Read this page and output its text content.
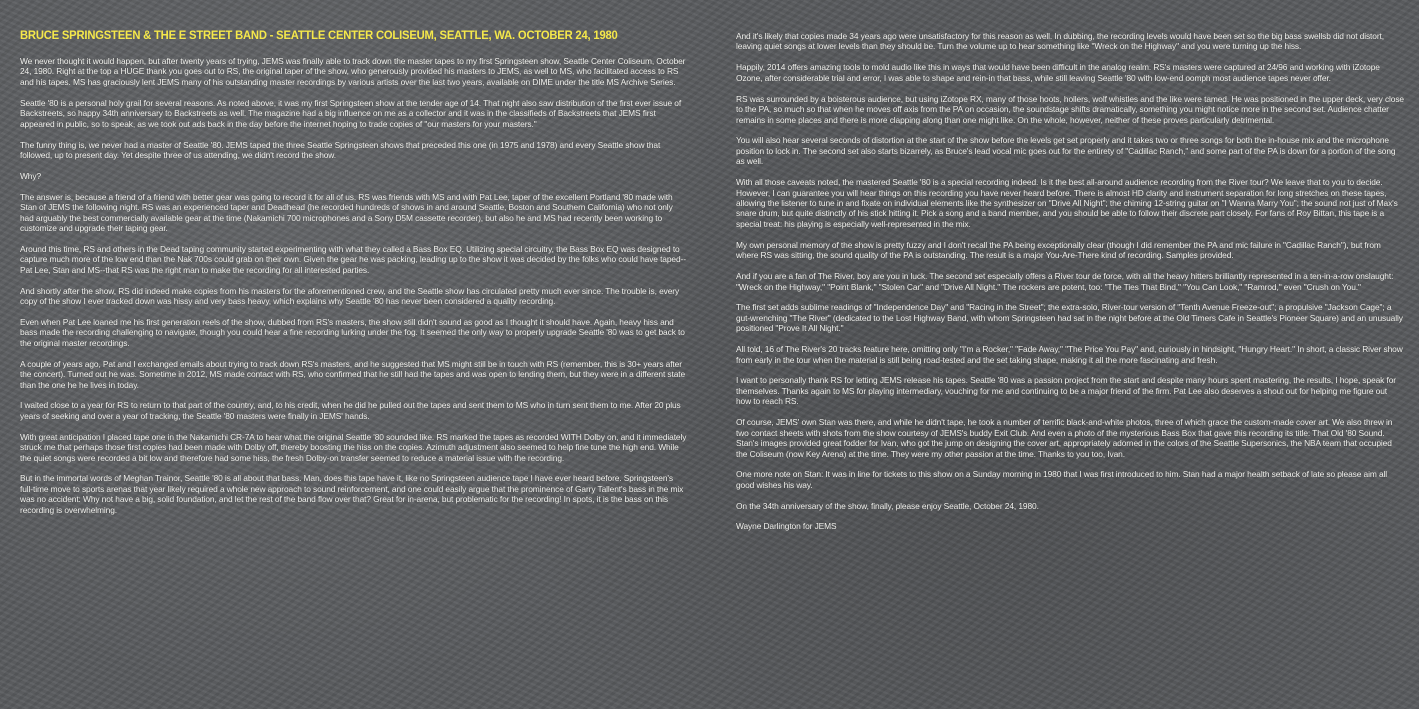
BRUCE SPRINGSTEEN & THE E STREET BAND - SEATTLE CENTER COLISEUM, SEATTLE, WA. OCTOBER 24, 1980

We never thought it would happen, but after twenty years of trying, JEMS was finally able to track down the master tapes to my first Springsteen show, Seattle Center Coliseum, October 24, 1980. Right at the top a HUGE thank you goes out to RS, the original taper of the show, who generously provided his masters to JEMS, as well to MS, who facilitated access to RS and his tapes. MS has graciously lent JEMS many of his outstanding master recordings by various artists over the last two years, available on DIME under the title MS Archive Series.

Seattle '80 is a personal holy grail for several reasons. As noted above, it was my first Springsteen show at the tender age of 14. That night also saw distribution of the first ever issue of Backstreets, so happy 34th anniversary to Backstreets as well. The magazine had a big influence on me as a collector and it was in the classifieds of Backstreets that JEMS first appeared in public, so to speak, as we took out ads back in the day before the internet hoping to trade copies of "our masters for your masters."

The funny thing is, we never had a master of Seattle '80. JEMS taped the three Seattle Springsteen shows that preceded this one (in 1975 and 1978) and every Seattle show that followed, up to present day. Yet despite three of us attending, we didn't record the show.

Why?

The answer is, because a friend of a friend with better gear was going to record it for all of us. RS was friends with MS and with Pat Lee, taper of the excellent Portland '80 made with Stan of JEMS the following night. RS was an experienced taper and Deadhead (he recorded hundreds of shows in and around Seattle, Boston and Southern California) who not only had arguably the best commercially available gear at the time (Nakamichi 700 microphones and a Sony D5M cassette recorder), but also he and MS had recently been working to customize and upgrade their taping gear.

Around this time, RS and others in the Dead taping community started experimenting with what they called a Bass Box EQ. Utilizing special circuitry, the Bass Box EQ was designed to capture much more of the low end than the Nak 700s could grab on their own. Given the gear he was packing, leading up to the show it was decided by the folks who could have taped--Pat Lee, Stan and MS--that RS was the right man to make the recording for all interested parties.

And shortly after the show, RS did indeed make copies from his masters for the aforementioned crew, and the Seattle show has circulated pretty much ever since. The trouble is, every copy of the show I ever tracked down was hissy and very bass heavy, which explains why Seattle '80 has never been considered a quality recording.

Even when Pat Lee loaned me his first generation reels of the show, dubbed from RS's masters, the show still didn't sound as good as I thought it should have. Again, heavy hiss and bass made the recording challenging to navigate, though you could hear a fine recording lurking under the fog. It seemed the only way to properly upgrade Seattle '80 was to get back to the original master recordings.

A couple of years ago, Pat and I exchanged emails about trying to track down RS's masters, and he suggested that MS might still be in touch with RS (remember, this is 30+ years after the concert). Turned out he was. Sometime in 2012, MS made contact with RS, who confirmed that he still had the tapes and was open to lending them, but they were in a different state than the one he he lives in today.

I waited close to a year for RS to return to that part of the country, and, to his credit, when he did he pulled out the tapes and sent them to MS who in turn sent them to me. After 20 plus years of seeking and over a year of tracking, the Seattle '80 masters were finally in JEMS' hands.

With great anticipation I placed tape one in the Nakamichi CR-7A to hear what the original Seattle '80 sounded like. RS marked the tapes as recorded WITH Dolby on, and it immediately struck me that perhaps those first copies had been made with Dolby off, thereby boosting the hiss on the copies. Azimuth adjustment also seemed to help fine tune the high end. While the quiet songs were recorded a bit low and therefore had some hiss, the fresh Dolby-on transfer seemed to reduce a material issue with the recording.

But in the immortal words of Meghan Trainor, Seattle '80 is all about that bass. Man, does this tape have it, like no Springsteen audience tape I have ever heard before. Springsteen's full-time move to sports arenas that year likely required a whole new approach to sound reinforcement, and one could easily argue that the prominence of Garry Tallent's bass in the mix was no accident: Why not have a big, solid foundation, and let the rest of the band flow over that? Great for in-arena, but problematic for the recording! In spots, it is the bass on this recording is overwhelming.

And it's likely that copies made 34 years ago were unsatisfactory for this reason as well. In dubbing, the recording levels would have been set so the big bass swellsb did not distort, leaving quiet songs at lower levels than they should be. Turn the volume up to hear something like "Wreck on the Highway" and you were turning up the hiss.

Happily, 2014 offers amazing tools to mold audio like this in ways that would have been difficult in the analog realm. RS's masters were captured at 24/96 and working with iZotope Ozone, after considerable trial and error, I was able to shape and rein-in that bass, while still leaving Seattle '80 with low-end oomph most audience tapes never offer.

RS was surrounded by a boisterous audience, but using iZotope RX, many of those hoots, hollers, wolf whistles and the like were tamed. He was positioned in the upper deck, very close to the PA, so much so that when he moves off axis from the PA on occasion, the soundstage shifts dramatically, something you might notice more in the second set. Audience chatter remains in some places and there is more clapping along than one might like. On the whole, however, neither of these proves particularly detrimental.

You will also hear several seconds of distortion at the start of the show before the levels get set properly and it takes two or three songs for both the in-house mix and the microphone position to lock in. The second set also starts bizarrely, as Bruce's lead vocal mic goes out for the entirety of "Cadillac Ranch," and some part of the PA is down for a portion of the song as well.

With all those caveats noted, the mastered Seattle '80 is a special recording indeed. Is it the best all-around audience recording from the River tour? We leave that to you to decide. However, I can guarantee you will hear things on this recording you have never heard before. There is almost HD clarity and instrument separation for long stretches on these tapes, allowing the listener to tune in and fixate on individual elements like the synthesizer on "Drive All Night"; the chiming 12-string guitar on "I Wanna Marry You"; the sound not just of Max's snare drum, but quite distinctly of his stick hitting it. Pick a song and a band member, and you should be able to follow their discrete part closely. For fans of Roy Bittan, this tape is a special treat: his playing is especially well-represented in the mix.

My own personal memory of the show is pretty fuzzy and I don't recall the PA being exceptionally clear (though I did remember the PA and mic failure in "Cadillac Ranch"), but from where RS was sitting, the sound quality of the PA is outstanding. The result is a major You-Are-There kind of recording. Samples provided.

And if you are a fan of The River, boy are you in luck. The second set especially offers a River tour de force, with all the heavy hitters brilliantly represented in a ten-in-a-row onslaught: "Wreck on the Highway," "Point Blank," "Stolen Car" and "Drive All Night." The rockers are potent, too: "The Ties That Bind," "You Can Look," "Ramrod," even "Crush on You."

The first set adds sublime readings of "Independence Day" and "Racing in the Street"; the extra-solo, River-tour version of "Tenth Avenue Freeze-out"; a propulsive "Jackson Cage"; a gut-wrenching "The River" (dedicated to the Lost Highway Band, with whom Springsteen had sat in the night before at the Old Timers Cafe in Seattle's Pioneer Square) and an unusually positioned "Prove It All Night."

All told, 16 of The River's 20 tracks feature here, omitting only "I'm a Rocker," "Fade Away," "The Price You Pay" and, curiously in hindsight, "Hungry Heart." In short, a classic River show from early in the tour when the material is still being road-tested and the set taking shape, making it all the more fascinating and fresh.

I want to personally thank RS for letting JEMS release his tapes. Seattle '80 was a passion project from the start and despite many hours spent mastering, the results, I hope, speak for themselves. Thanks again to MS for playing intermediary, vouching for me and continuing to be a major friend of the firm. Pat Lee also deserves a shout out for helping me figure out how to reach RS.

Of course, JEMS' own Stan was there, and while he didn't tape, he took a number of terrific black-and-white photos, three of which grace the custom-made cover art. We also threw in two contact sheets with shots from the show courtesy of JEMS's buddy Exit Club. And even a photo of the mysterious Bass Box that gave this recording its title: That Old '80 Sound. Stan's images provided great fodder for Ivan, who got the jump on designing the cover art, appropriately adorned in the colors of the Seattle Supersonics, the NBA team that occupied the Coliseum (now Key Arena) at the time. They were my other passion at the time. Thanks to you too, Ivan.

One more note on Stan: It was in line for tickets to this show on a Sunday morning in 1980 that I was first introduced to him. Stan had a major health setback of late so please aim all good wishes his way.

On the 34th anniversary of the show, finally, please enjoy Seattle, October 24, 1980.

Wayne Darlington for JEMS
